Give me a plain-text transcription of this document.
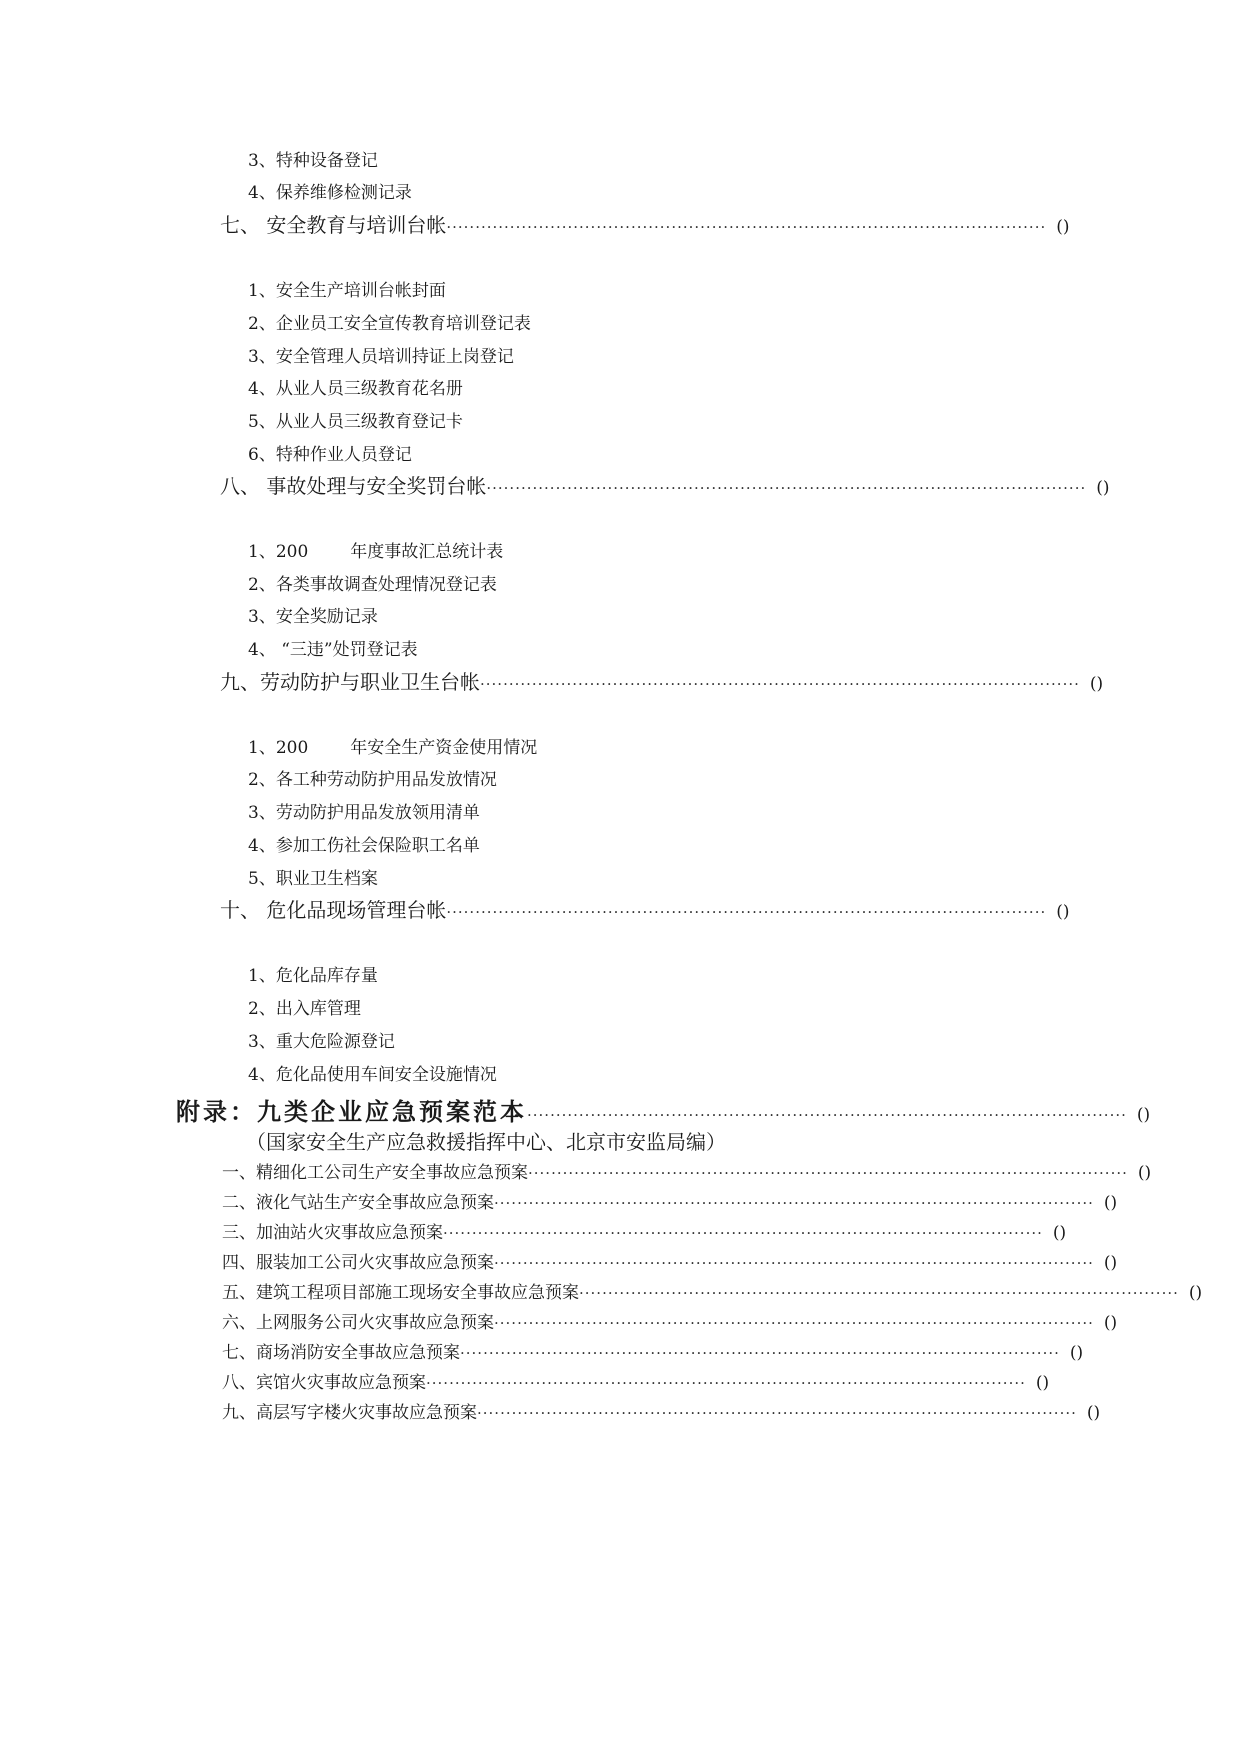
3、特种设备登记
4、保养维修检测记录
七、 安全教育与培训台帐 ········································································································ ()
1、安全生产培训台帐封面
2、企业员工安全宣传教育培训登记表
3、安全管理人员培训持证上岗登记
4、从业人员三级教育花名册
5、从业人员三级教育登记卡
6、特种作业人员登记
八、 事故处理与安全奖罚台帐 ········································································································ ()
1、200 年度事故汇总统计表
2、各类事故调查处理情况登记表
3、安全奖励记录
4、 “三违”处罚登记表
九、劳动防护与职业卫生台帐 ········································································································ ()
1、200 年安全生产资金使用情况
2、各工种劳动防护用品发放情况
3、劳动防护用品发放领用清单
4、参加工伤社会保险职工名单
5、职业卫生档案
十、 危化品现场管理台帐 ········································································································ ()
1、危化品库存量
2、出入库管理
3、重大危险源登记
4、危化品使用车间安全设施情况
附录：九类企业应急预案范本 ········································································································ ()
（国家安全生产应急救援指挥中心、北京市安监局编）
一、精细化工公司生产安全事故应急预案 ········································································································ ()
二、液化气站生产安全事故应急预案 ········································································································ ()
三、加油站火灾事故应急预案 ········································································································ ()
四、服装加工公司火灾事故应急预案 ········································································································ ()
五、建筑工程项目部施工现场安全事故应急预案 ········································································································ ()
六、上网服务公司火灾事故应急预案 ········································································································ ()
七、商场消防安全事故应急预案 ········································································································ ()
八、宾馆火灾事故应急预案 ········································································································ ()
九、高层写字楼火灾事故应急预案 ········································································································ ()
